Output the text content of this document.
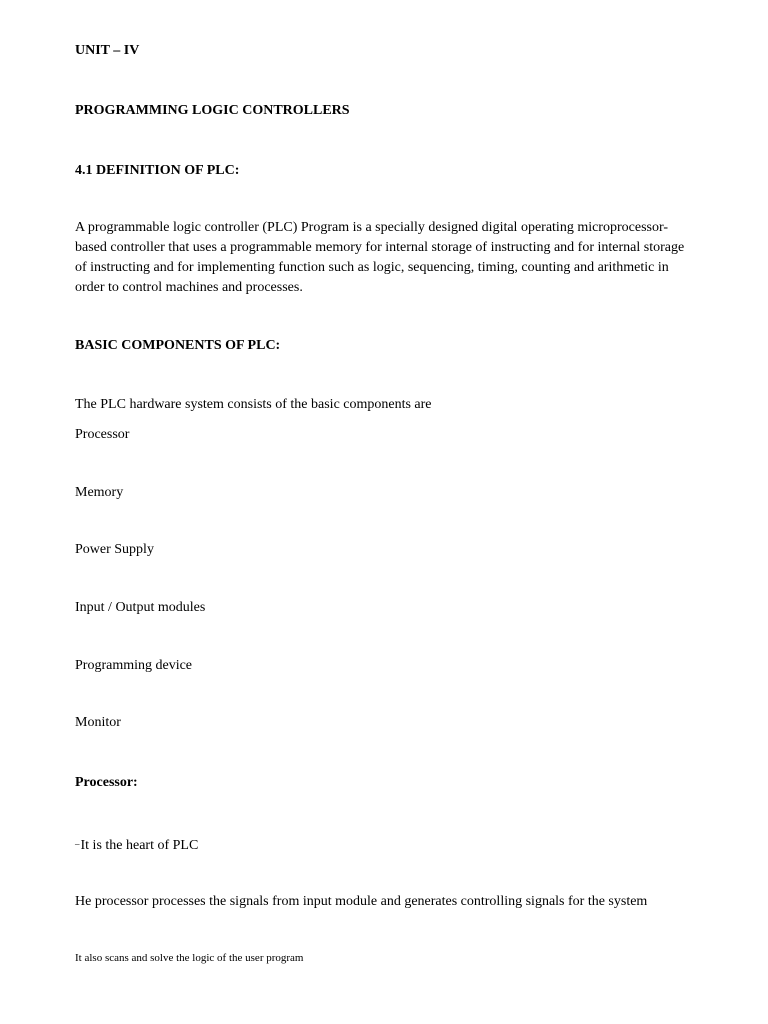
UNIT – IV
PROGRAMMING LOGIC CONTROLLERS
4.1 DEFINITION OF PLC:
A programmable logic controller (PLC) Program is a specially designed digital operating microprocessor-
based controller that uses a programmable memory for internal storage of instructing and for internal storage
of instructing and for implementing function such as logic, sequencing, timing, counting and arithmetic in
order to control machines and processes.
BASIC COMPONENTS OF PLC:
The PLC hardware system consists of the basic components are
Processor
Memory
Power Supply
Input / Output modules
Programming device
Monitor
Processor:
–It is the heart of PLC
He processor processes the signals from input module and generates controlling signals for the system
It also scans and solve the logic of the user program
